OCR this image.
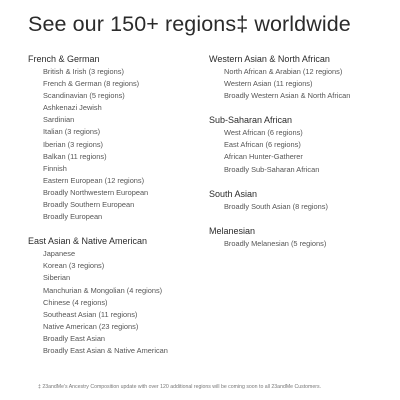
See our 150+ regions‡ worldwide
French & German
British & Irish (3 regions)
French & German (8 regions)
Scandinavian (5 regions)
Ashkenazi Jewish
Sardinian
Italian (3 regions)
Iberian (3 regions)
Balkan (11 regions)
Finnish
Eastern European (12 regions)
Broadly Northwestern European
Broadly Southern European
Broadly European
East Asian & Native American
Japanese
Korean (3 regions)
Siberian
Manchurian & Mongolian (4 regions)
Chinese (4 regions)
Southeast Asian (11 regions)
Native American (23 regions)
Broadly East Asian
Broadly East Asian & Native American
Western Asian & North African
North African & Arabian (12 regions)
Western Asian (11 regions)
Broadly Western Asian & North African
Sub-Saharan African
West African (6 regions)
East African (6 regions)
African Hunter-Gatherer
Broadly Sub-Saharan African
South Asian
Broadly South Asian (8 regions)
Melanesian
Broadly Melanesian (5 regions)
‡ 23andMe's Ancestry Composition update with over 120 additional regions will be coming soon to all 23andMe Customers.
